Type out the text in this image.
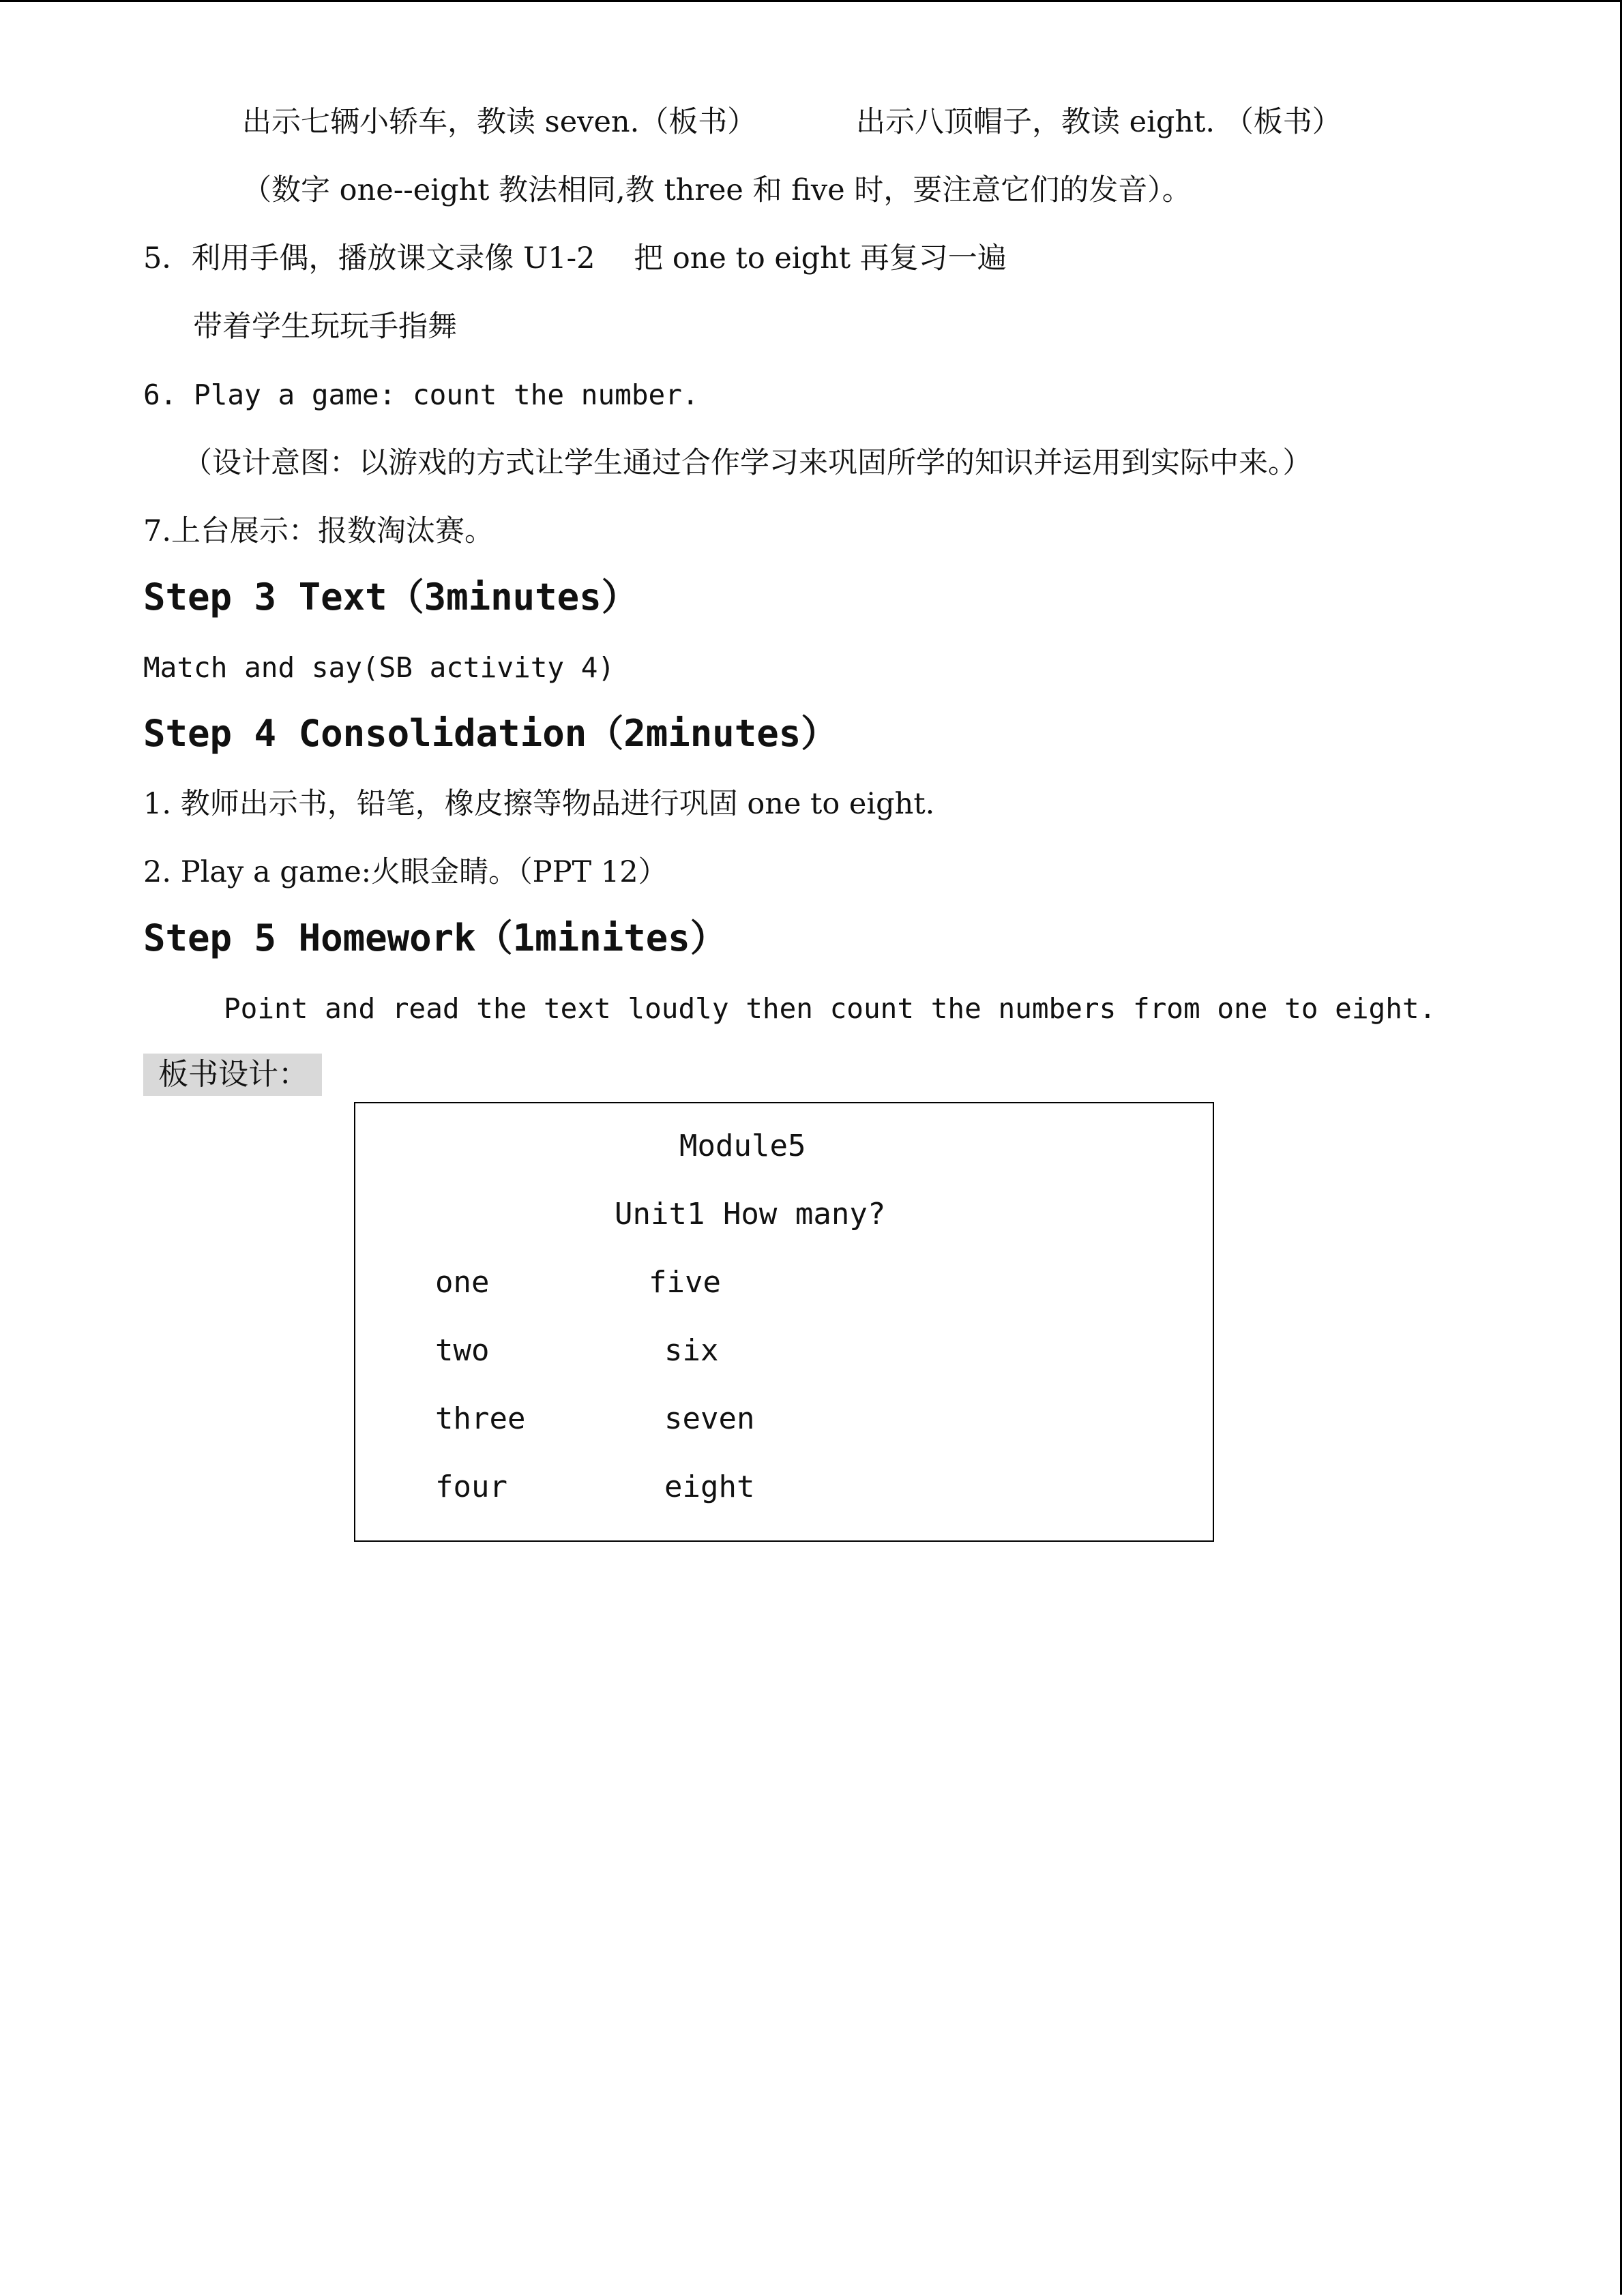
出示七辆小轿车，教读 seven.（板书）	出示八顶帽子，教读 eight. （板书）
（数字 one--eight 教法相同,教 three 和 five 时，要注意它们的发音）。
5．利用手偶，播放课文录像 U1-2　 把 one to eight 再复习一遍
带着学生玩玩手指舞
6. Play a game: count the number.
（设计意图：以游戏的方式让学生通过合作学习来巩固所学的知识并运用到实际中来。）
7.上台展示：报数淘汰赛。
Step 3 Text（3minutes）
Match and say(SB activity 4)
Step 4 Consolidation（2minutes）
1. 教师出示书，铅笔，橡皮擦等物品进行巩固 one to eight.
2. Play a game:火眼金睛。（PPT 12）
Step 5 Homework（1minites）
Point and read the text loudly then count the numbers from one to eight.
板书设计：
Module5
Unit1 How many?
one	five
two	six
three	seven
four	eight
